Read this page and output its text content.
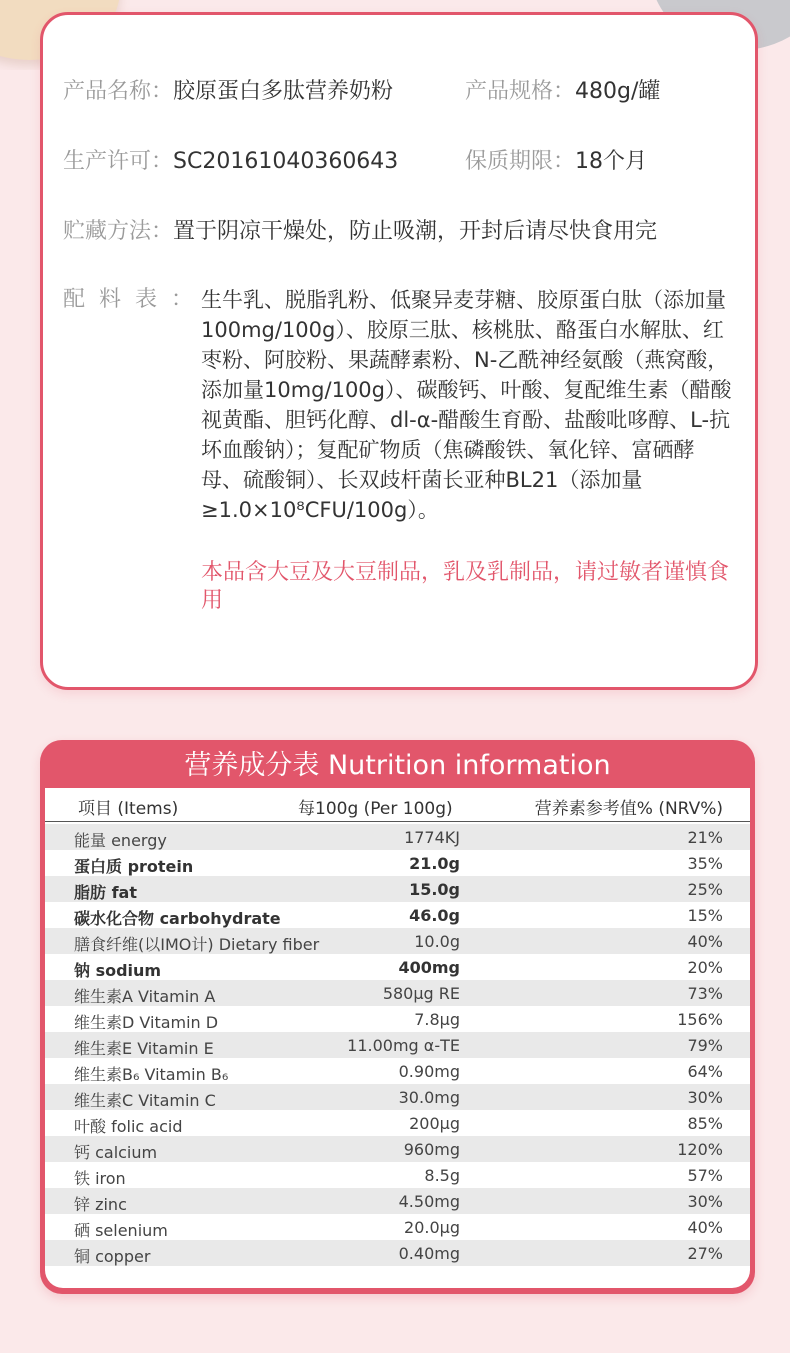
产品名称：胶原蛋白多肽营养奶粉	产品规格：480g/罐
生产许可：SC20161040360643	保质期限：18个月
贮藏方法：置于阴凉干燥处，防止吸潮，开封后请尽快食用完
配料表：
生牛乳、脱脂乳粉、低聚异麦芽糖、胶原蛋白肽（添加量100mg/100g）、胶原三肽、核桃肽、酪蛋白水解肽、红枣粉、阿胶粉、果蔬酵素粉、N-乙酰神经氨酸（燕窝酸，添加量10mg/100g）、碳酸钙、叶酸、复配维生素（醋酸视黄酯、胆钙化醇、dl-α-醋酸生育酚、盐酸吡哆醇、L-抗坏血酸钠）；复配矿物质（焦磷酸铁、氧化锌、富硒酵母、硫酸铜）、长双歧杆菌长亚种BL21（添加量≥1.0×10⁸CFU/100g）。
本品含大豆及大豆制品，乳及乳制品，请过敏者谨慎食用
营养成分表 Nutrition information
项目 (Items)	每100g (Per 100g)	营养素参考值% (NRV%)
能量 energy	1774KJ	21%
蛋白质 protein	21.0g	35%
脂肪 fat	15.0g	25%
碳水化合物 carbohydrate	46.0g	15%
膳食纤维(以IMO计) Dietary fiber	10.0g	40%
钠 sodium	400mg	20%
维生素A Vitamin A	580μg RE	73%
维生素D Vitamin D	7.8μg	156%
维生素E Vitamin E	11.00mg α-TE	79%
维生素B₆ Vitamin B₆	0.90mg	64%
维生素C Vitamin C	30.0mg	30%
叶酸 folic acid	200μg	85%
钙 calcium	960mg	120%
铁 iron	8.5g	57%
锌 zinc	4.50mg	30%
硒 selenium	20.0μg	40%
铜 copper	0.40mg	27%
